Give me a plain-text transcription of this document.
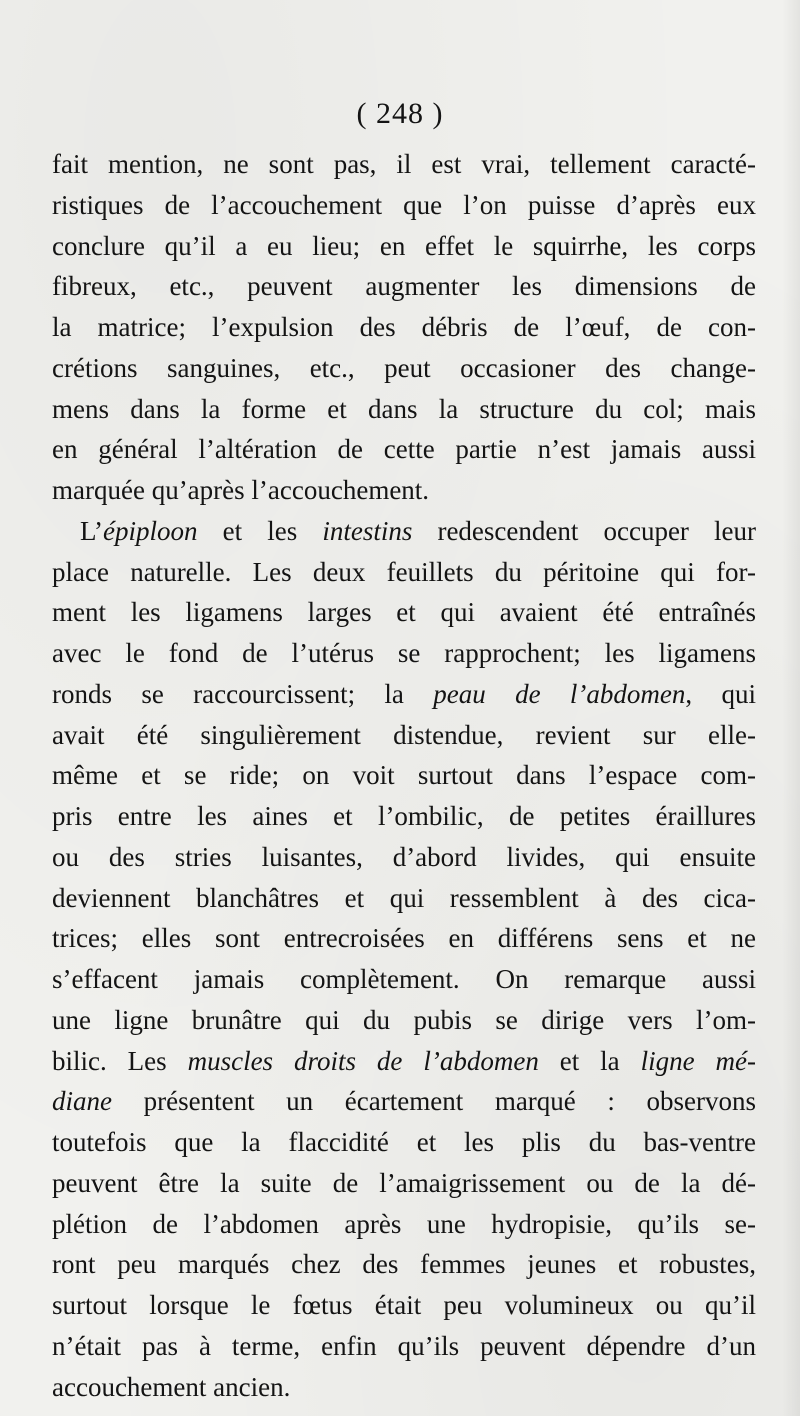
( 248 )
fait mention, ne sont pas, il est vrai, tellement caracté-
ristiques de l’accouchement que l’on puisse d’après eux
conclure qu’il a eu lieu; en effet le squirrhe, les corps
fibreux, etc., peuvent augmenter les dimensions de
la matrice; l’expulsion des débris de l’œuf, de con-
crétions sanguines, etc., peut occasioner des change-
mens dans la forme et dans la structure du col; mais
en général l’altération de cette partie n’est jamais aussi
marquée qu’après l’accouchement.
L’épiploon et les intestins redescendent occuper leur
place naturelle. Les deux feuillets du péritoine qui for-
ment les ligamens larges et qui avaient été entraînés
avec le fond de l’utérus se rapprochent; les ligamens
ronds se raccourcissent; la peau de l’abdomen, qui
avait été singulièrement distendue, revient sur elle-
même et se ride; on voit surtout dans l’espace com-
pris entre les aines et l’ombilic, de petites éraillures
ou des stries luisantes, d’abord livides, qui ensuite
deviennent blanchâtres et qui ressemblent à des cica-
trices; elles sont entrecroisées en différens sens et ne
s’effacent jamais complètement. On remarque aussi
une ligne brunâtre qui du pubis se dirige vers l’om-
bilic. Les muscles droits de l’abdomen et la ligne mé-
diane présentent un écartement marqué : observons
toutefois que la flaccidité et les plis du bas-ventre
peuvent être la suite de l’amaigrissement ou de la dé-
plétion de l’abdomen après une hydropisie, qu’ils se-
ront peu marqués chez des femmes jeunes et robustes,
surtout lorsque le fœtus était peu volumineux ou qu’il
n’était pas à terme, enfin qu’ils peuvent dépendre d’un
accouchement ancien.
